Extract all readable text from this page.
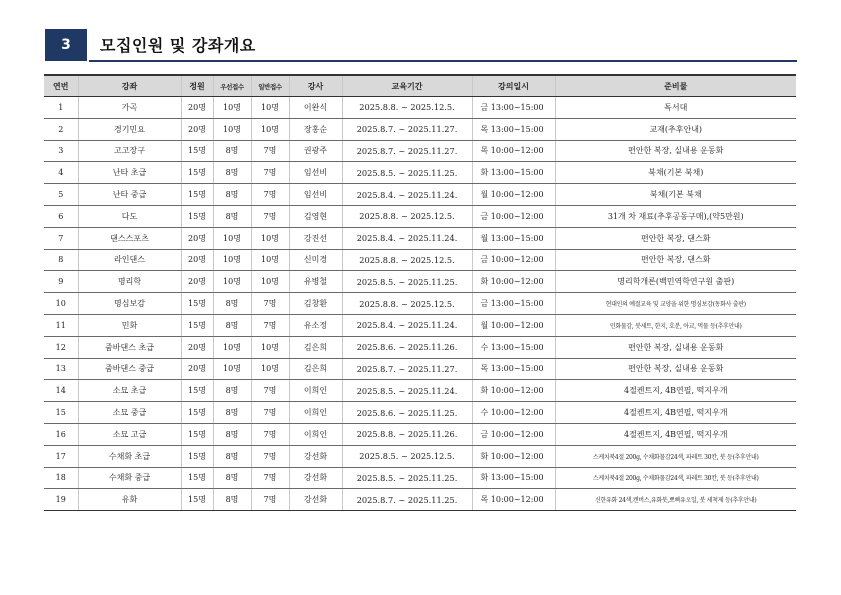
3	모집인원 및 강좌개요
연번	강좌	정원	우선접수	일반접수	강사	교육기간	강의일시	준비물
1	가곡	20명	10명	10명	이완식	2025.8.8. ~ 2025.12.5.	금 13:00~15:00	독서대
2	경기민요	20명	10명	10명	장홍순	2025.8.7. ~ 2025.11.27.	목 13:00~15:00	교재(추후안내)
3	고고장구	15명	8명	7명	권광주	2025.8.7. ~ 2025.11.27.	목 10:00~12:00	편안한 복장, 실내용 운동화
4	난타 초급	15명	8명	7명	임선비	2025.8.5. ~ 2025.11.25.	화 13:00~15:00	북채(기본 북채)
5	난타 중급	15명	8명	7명	임선비	2025.8.4. ~ 2025.11.24.	월 10:00~12:00	북채(기본 북채
6	다도	15명	8명	7명	김영현	2025.8.8. ~ 2025.12.5.	금 10:00~12:00	31개 차 재료(추후공동구매),(약5만원)
7	댄스스포츠	20명	10명	10명	강진선	2025.8.4. ~ 2025.11.24.	월 13:00~15:00	편안한 복장, 댄스화
8	라인댄스	20명	10명	10명	신미경	2025.8.8. ~ 2025.12.5.	금 10:00~12:00	편안한 복장, 댄스화
9	명리학	20명	10명	10명	유병철	2025.8.5. ~ 2025.11.25.	화 10:00~12:00	명리학개론(백민역학연구원 출판)
10	명심보감	15명	8명	7명	김창환	2025.8.8. ~ 2025.12.5.	금 13:00~15:00	현대인의 예절교육 및 교양을 위한 명심보감(동화사 출판)
11	민화	15명	8명	7명	유소정	2025.8.4. ~ 2025.11.24.	월 10:00~12:00	민화물감, 붓세트, 한지, 호분, 아교, 먹물 등(추후안내)
12	줌바댄스 초급	20명	10명	10명	김은희	2025.8.6. ~ 2025.11.26.	수 13:00~15:00	편안한 복장, 실내용 운동화
13	줌바댄스 중급	20명	10명	10명	김은희	2025.8.7. ~ 2025.11.27.	목 13:00~15:00	편안한 복장, 실내용 운동화
14	소묘 초급	15명	8명	7명	이희인	2025.8.5. ~ 2025.11.24.	화 10:00~12:00	4절켄트지, 4B연필, 떡지우개
15	소묘 중급	15명	8명	7명	이희인	2025.8.6. ~ 2025.11.25.	수 10:00~12:00	4절켄트지, 4B연필, 떡지우개
16	소묘 고급	15명	8명	7명	이희인	2025.8.8. ~ 2025.11.26.	금 10:00~12:00	4절켄트지, 4B연필, 떡지우개
17	수채화 초급	15명	8명	7명	강선화	2025.8.5. ~ 2025.12.5.	화 10:00~12:00	스케치북4절 200g, 수채화물감24색, 파레트 30칸, 붓 등(추후안내)
18	수채화 중급	15명	8명	7명	강선화	2025.8.5. ~ 2025.11.25.	화 13:00~15:00	스케치북4절 200g, 수채화물감24색, 파레트 30칸, 붓 등(추후안내)
19	유화	15명	8명	7명	강선화	2025.8.7. ~ 2025.11.25.	목 10:00~12:00	신한유화 24색,캔버스,유화붓,뽀삐유오일, 붓 세척제 등(추후안내)
